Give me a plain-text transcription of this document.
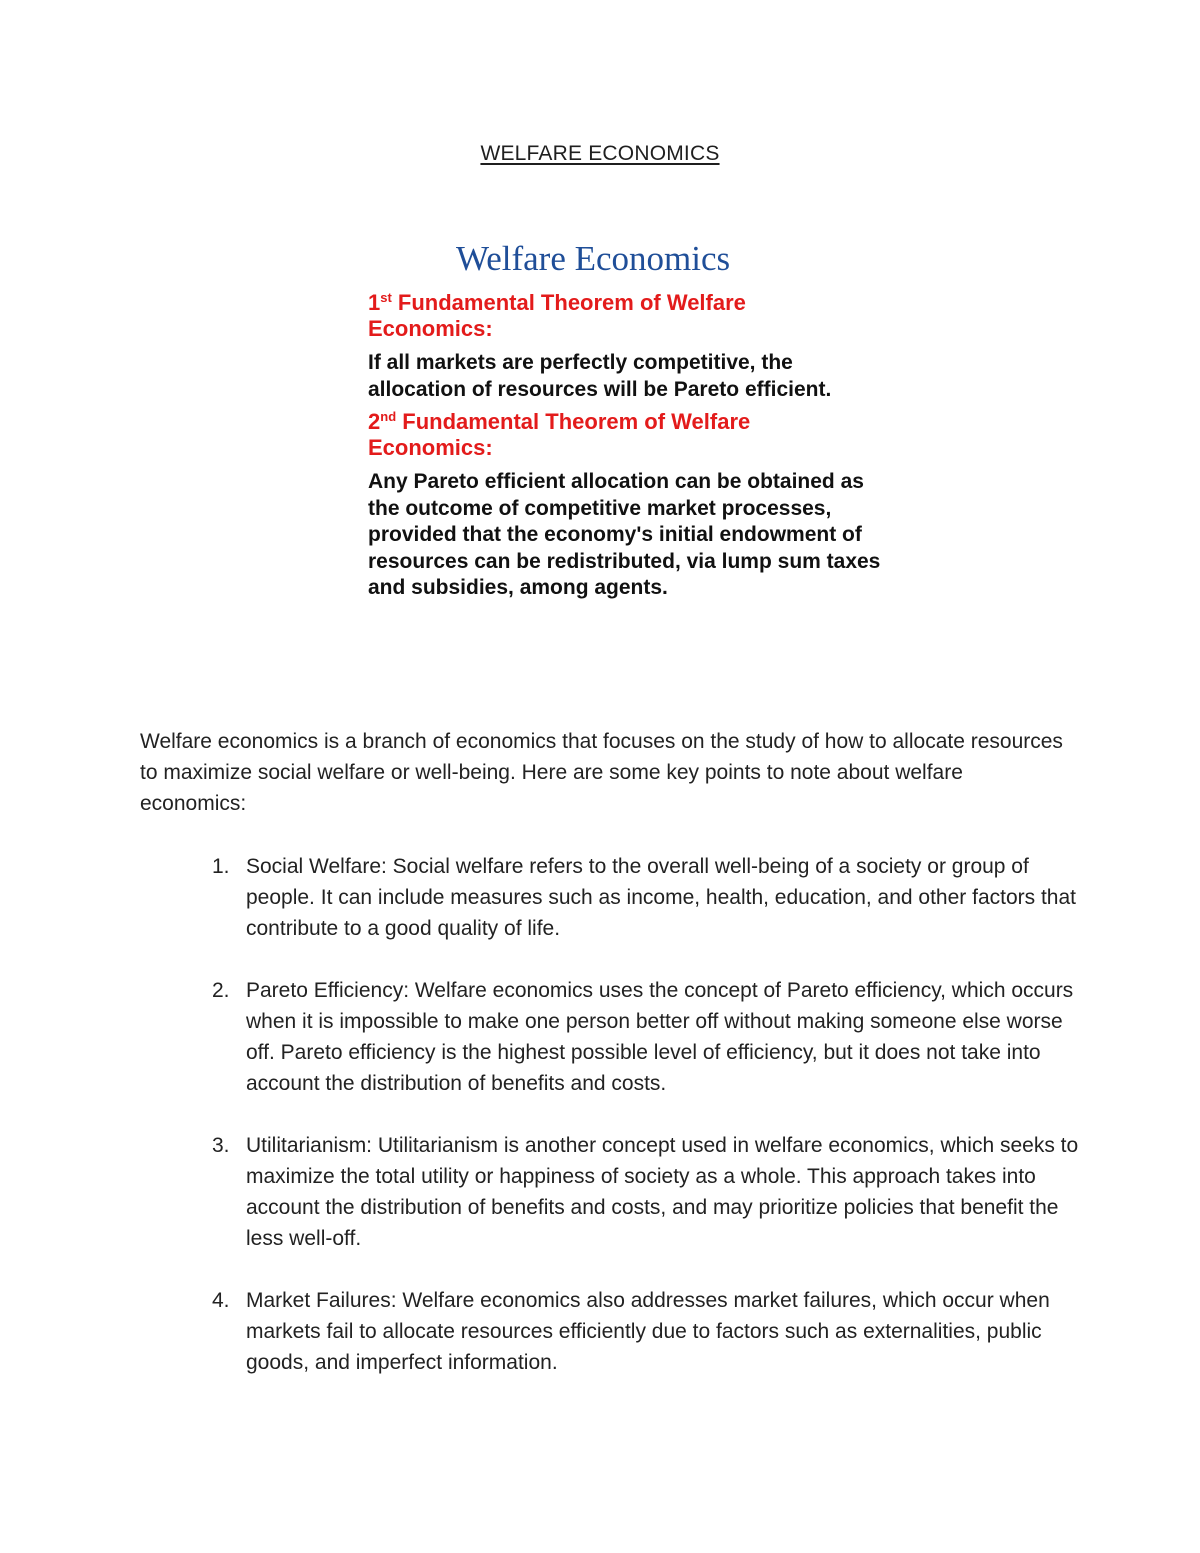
WELFARE ECONOMICS
Welfare Economics
1st Fundamental Theorem of Welfare Economics:
If all markets are perfectly competitive, the allocation of resources will be Pareto efficient.
2nd Fundamental Theorem of Welfare Economics:
Any Pareto efficient allocation can be obtained as the outcome of competitive market processes, provided that the economy's initial endowment of resources can be redistributed, via lump sum taxes and subsidies, among agents.

Welfare economics is a branch of economics that focuses on the study of how to allocate resources to maximize social welfare or well-being. Here are some key points to note about welfare economics:

1. Social Welfare: Social welfare refers to the overall well-being of a society or group of people. It can include measures such as income, health, education, and other factors that contribute to a good quality of life.
2. Pareto Efficiency: Welfare economics uses the concept of Pareto efficiency, which occurs when it is impossible to make one person better off without making someone else worse off. Pareto efficiency is the highest possible level of efficiency, but it does not take into account the distribution of benefits and costs.
3. Utilitarianism: Utilitarianism is another concept used in welfare economics, which seeks to maximize the total utility or happiness of society as a whole. This approach takes into account the distribution of benefits and costs, and may prioritize policies that benefit the less well-off.
4. Market Failures: Welfare economics also addresses market failures, which occur when markets fail to allocate resources efficiently due to factors such as externalities, public goods, and imperfect information.
